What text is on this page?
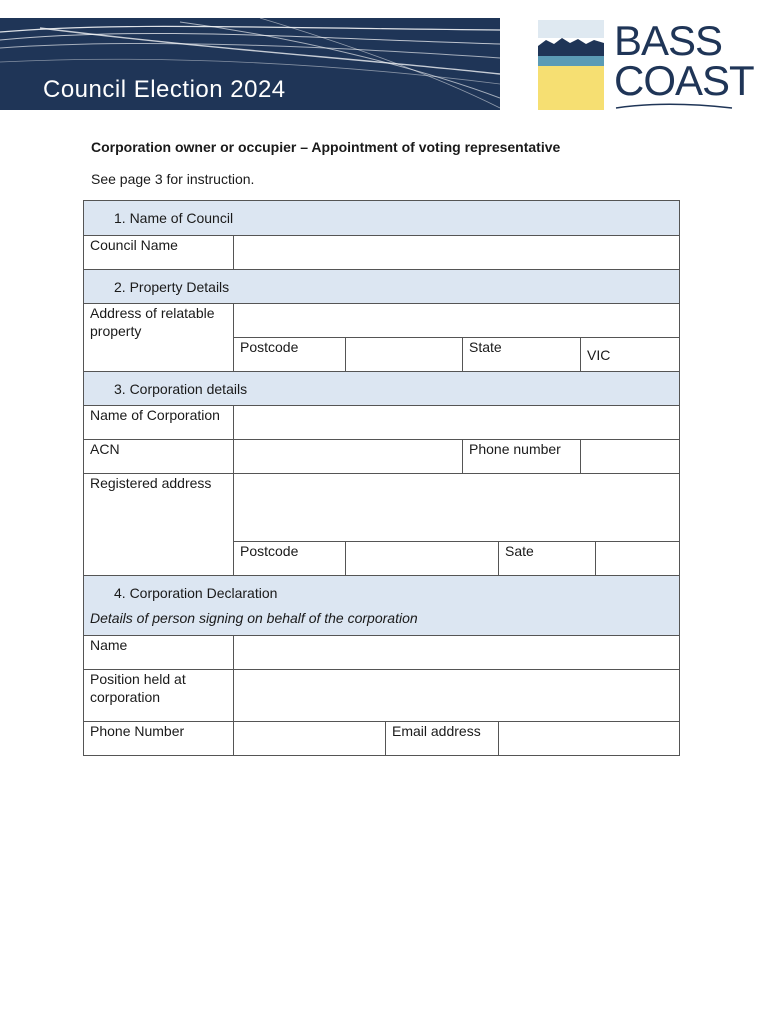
Council Election 2024
BASS
COAST
Corporation owner or occupier – Appointment of voting representative
See page 3 for instruction.
1. Name of Council							
Council Name							
2. Property Details							
Address of relatable property							
	Postcode			State		VIC	
3. Corporation details							
Name of Corporation							
ACN				Phone number			
Registered address							
	Postcode				Sate		

4. Corporation Declaration
Details of person signing on behalf of the corporation							

Name							
Position held at corporation							
Phone Number			Email address				
